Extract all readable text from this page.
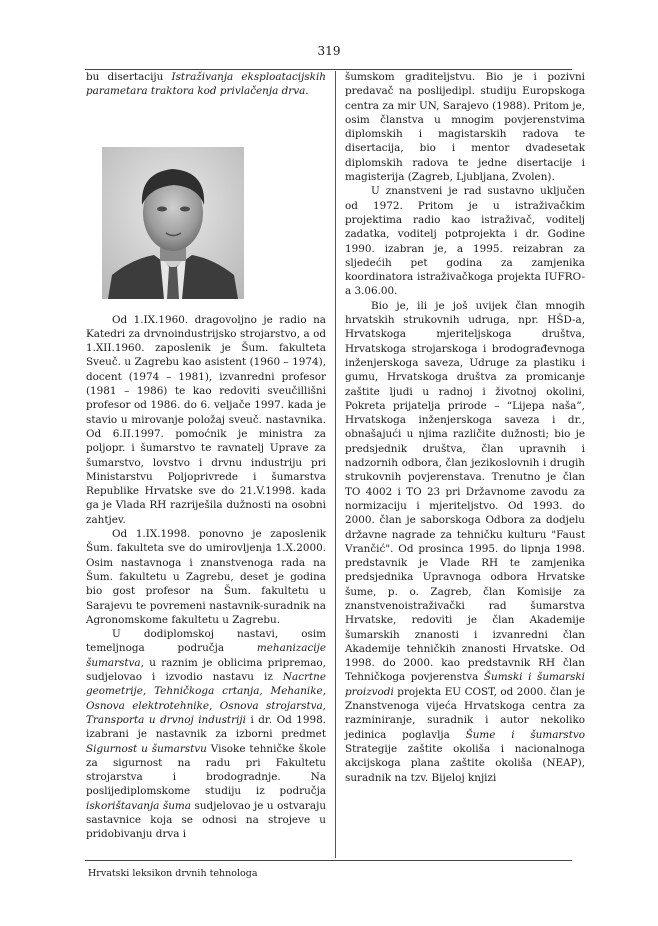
319

bu disertaciju Istraživanja eksploatacijskih parametara traktora kod privlačenja drva.

Od 1.IX.1960. dragovoljno je radio na Katedri za drvnoindustrijsko strojarstvo, a od 1.XII.1960. zaposlenik je Šum. fakulteta Sveuč. u Zagrebu kao asistent (1960 – 1974), docent (1974 – 1981), izvanredni profesor (1981 – 1986) te kao redoviti sveučillišni profesor od 1986. do 6. veljače 1997. kada je stavio u mirovanje položaj sveuč. nastavnika. Od 6.II.1997. pomoćnik je ministra za poljopr. i šumarstvo te ravnatelj Uprave za šumarstvo, lovstvo i drvnu industriju pri Ministarstvu Poljoprivrede i šumarstva Republike Hrvatske sve do 21.V.1998. kada ga je Vlada RH razriješila dužnosti na osobni zahtjev.

Od 1.IX.1998. ponovno je zaposlenik Šum. fakulteta sve do umirovljenja 1.X.2000. Osim nastavnoga i znanstvenoga rada na Šum. fakultetu u Zagrebu, deset je godina bio gost profesor na Šum. fakultetu u Sarajevu te povremeni nastavnik-suradnik na Agronomskome fakultetu u Zagrebu.

U dodiplomskoj nastavi, osim temeljnoga područja mehanizacije šumarstva, u raznim je oblicima pripremao, sudjelovao i izvodio nastavu iz Nacrtne geometrije, Tehničkoga crtanja, Mehanike, Osnova elektrotehnike, Osnova strojarstva, Transporta u drvnoj industriji i dr. Od 1998. izabrani je nastavnik za izborni predmet Sigurnost u šumarstvu Visoke tehničke škole za sigurnost na radu pri Fakultetu strojarstva i brodogradnje. Na poslijediplomskome studiju iz područja iskorištavanja šuma sudjelovao je u ostvaraju sastavnice koja se odnosi na strojeve u pridobivanju drva i

šumskom graditeljstvu. Bio je i pozivni predavač na poslijedipl. studiju Europskoga centra za mir UN, Sarajevo (1988). Pritom je, osim članstva u mnogim povjerenstvima diplomskih i magistarskih radova te disertacija, bio i mentor dvadesetak diplomskih radova te jedne disertacije i magisterija (Zagreb, Ljubljana, Zvolen).

U znanstveni je rad sustavno uključen od 1972. Pritom je u istraživačkim projektima radio kao istraživač, voditelj zadatka, voditelj potprojekta i dr. Godine 1990. izabran je, a 1995. reizabran za sljedećih pet godina za zamjenika koordinatora istraživačkoga projekta IUFRO-a 3.06.00.

Bio je, ili je još uvijek član mnogih hrvatskih strukovnih udruga, npr. HŠD-a, Hrvatskoga mjeriteljskoga društva, Hrvatskoga strojarskoga i brodograđevnoga inženjerskoga saveza, Udruge za plastiku i gumu, Hrvatskoga društva za promicanje zaštite ljudi u radnoj i životnoj okolini, Pokreta prijatelja prirode – “Lijepa naša”, Hrvatskoga inženjerskoga saveza i dr., obnašajući u njima različite dužnosti; bio je predsjednik društva, član upravnih i nadzornih odbora, član jezikoslovnih i drugih strukovnih povjerenstava. Trenutno je član TO 4002 i TO 23 pri Državnome zavodu za normizaciju i mjeriteljstvo. Od 1993. do 2000. član je saborskoga Odbora za dodjelu državne nagrade za tehničku kulturu "Faust Vrančić". Od prosinca 1995. do lipnja 1998. predstavnik je Vlade RH te zamjenika predsjednika Upravnoga odbora Hrvatske šume, p. o. Zagreb, član Komisije za znanstvenoistraživački rad šumarstva Hrvatske, redoviti je član Akademije šumarskih znanosti i izvanredni član Akademije tehničkih znanosti Hrvatske. Od 1998. do 2000. kao predstavnik RH član Tehničkoga povjerenstva Šumski i šumarski proizvodi projekta EU COST, od 2000. član je Znanstvenoga vijeća Hrvatskoga centra za razminiranje, suradnik i autor nekoliko jedinica poglavlja Šume i šumarstvo Strategije zaštite okoliša i nacionalnoga akcijskoga plana zaštite okoliša (NEAP), suradnik na tzv. Bijeloj knjizi

Hrvatski leksikon drvnih tehnologa
